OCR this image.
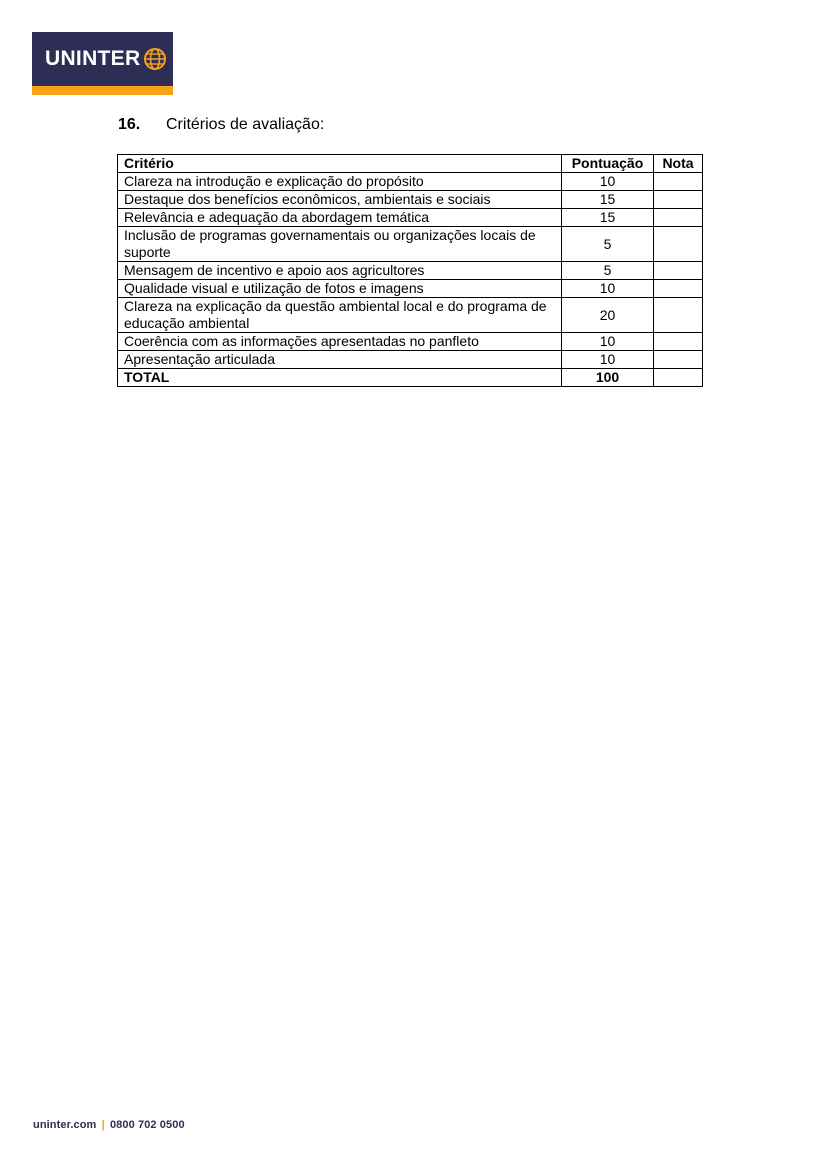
UNINTER
16.	Critérios de avaliação:
Critério	Pontuação	Nota
Clareza na introdução e explicação do propósito	10	
Destaque dos benefícios econômicos, ambientais e sociais	15	
Relevância e adequação da abordagem temática	15	
Inclusão de programas governamentais ou organizações locais de suporte	5	
Mensagem de incentivo e apoio aos agricultores	5	
Qualidade visual e utilização de fotos e imagens	10	
Clareza na explicação da questão ambiental local e do programa de educação ambiental	20	
Coerência com as informações apresentadas no panfleto	10	
Apresentação articulada	10	
TOTAL	100	
uninter.com | 0800 702 0500
